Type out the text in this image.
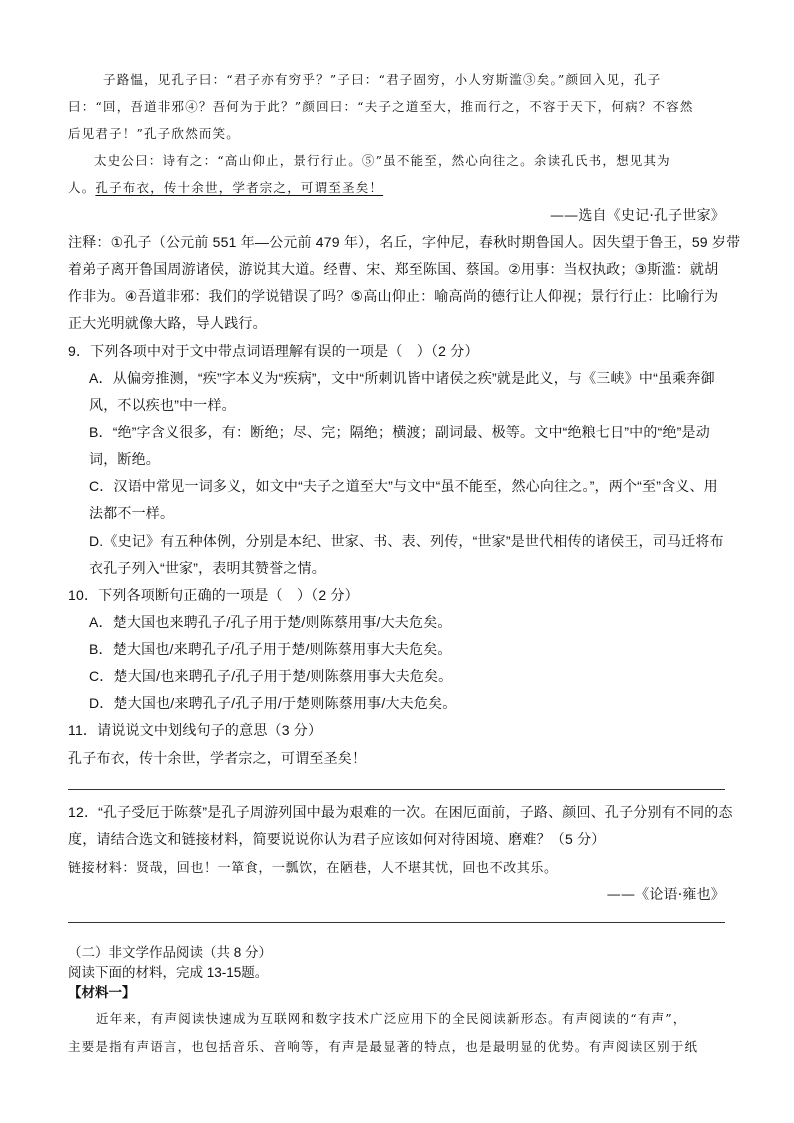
子路愠，见孔子曰：“君子亦有穷乎？”子曰：“君子固穷，小人穷斯滥③矣。”颜回入见，孔子
曰：“回，吾道非邪④？吾何为于此？”颜回曰：“夫子之道至大，推而行之，不容于天下，何病？不容然
后见君子！”孔子欣然而笑。
太史公曰：诗有之：“高山仰止，景行行止。⑤”虽不能至，然心向往之。余读孔氏书，想见其为
人。孔子布衣，传十余世，学者宗之，可谓至圣矣！
——选自《史记·孔子世家》
注释：①孔子（公元前 551 年—公元前 479 年），名丘，字仲尼，春秋时期鲁国人。因失望于鲁王，59 岁带
着弟子离开鲁国周游诸侯，游说其大道。经曹、宋、郑至陈国、蔡国。②用事：当权执政；③斯滥：就胡
作非为。④吾道非邪：我们的学说错误了吗？⑤高山仰止：喻高尚的德行让人仰视；景行行止：比喻行为
正大光明就像大路，导人践行。
9．下列各项中对于文中带点词语理解有误的一项是（　）（2 分）
A．从偏旁推测，“疾”字本义为“疾病”，文中“所刺讥皆中诸侯之疾”就是此义，与《三峡》中“虽乘奔御
风，不以疾也”中一样。
B．“绝”字含义很多，有：断绝；尽、完；隔绝；横渡；副词最、极等。文中“绝粮七日”中的“绝”是动
词，断绝。
C．汉语中常见一词多义，如文中“夫子之道至大”与文中“虽不能至，然心向往之。”，两个“至”含义、用
法都不一样。
D.《史记》有五种体例，分别是本纪、世家、书、表、列传，“世家”是世代相传的诸侯王，司马迁将布
衣孔子列入“世家”，表明其赞誉之情。
10．下列各项断句正确的一项是（　）（2 分）
A．楚大国也来聘孔子/孔子用于楚/则陈蔡用事/大夫危矣。
B．楚大国也/来聘孔子/孔子用于楚/则陈蔡用事大夫危矣。
C．楚大国/也来聘孔子/孔子用于楚/则陈蔡用事大夫危矣。
D．楚大国也/来聘孔子/孔子用/于楚则陈蔡用事/大夫危矣。
11．请说说文中划线句子的意思（3 分）
孔子布衣，传十余世，学者宗之，可谓至圣矣！
12．“孔子受厄于陈蔡”是孔子周游列国中最为艰难的一次。在困厄面前，子路、颜回、孔子分别有不同的态
度，请结合选文和链接材料，简要说说你认为君子应该如何对待困境、磨难？（5 分）
链接材料：贤哉，回也！一箪食，一瓢饮，在陋巷，人不堪其忧，回也不改其乐。
——《论语·雍也》
（二）非文学作品阅读（共 8 分）
阅读下面的材料，完成 13-15题。
【材料一】
近年来，有声阅读快速成为互联网和数字技术广泛应用下的全民阅读新形态。有声阅读的“有声”，
主要是指有声语言，也包括音乐、音响等，有声是最显著的特点，也是最明显的优势。有声阅读区别于纸
